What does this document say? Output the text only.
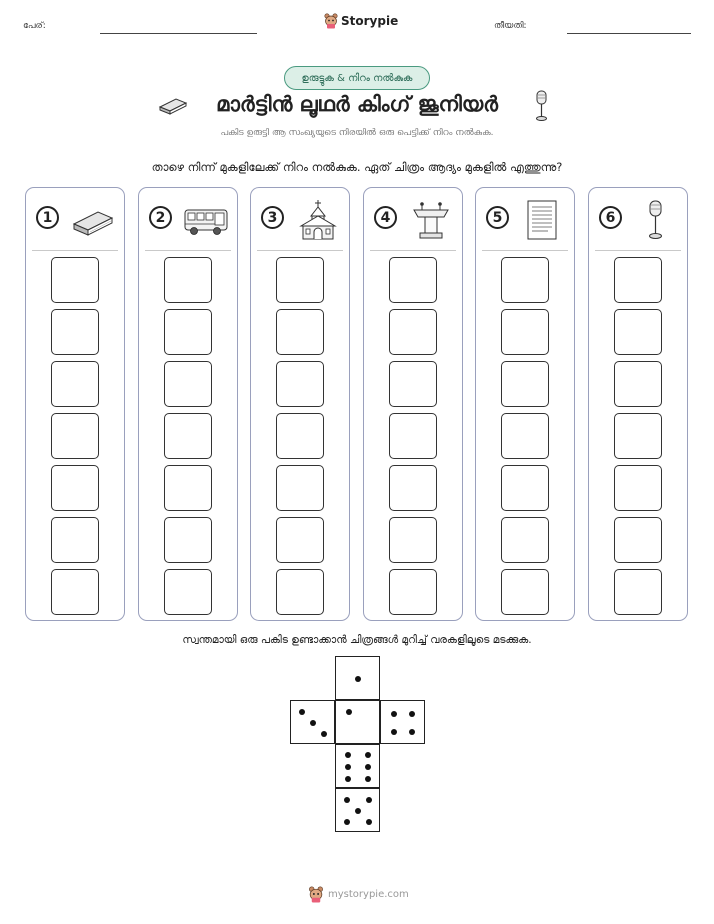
പേര്:	Storypie	തീയതി:
ഉരുട്ടുക & നിറം നൽകുക
മാർട്ടിൻ ലൂഥർ കിംഗ് ജൂനിയർ
പകിട ഉരുട്ടി ആ സംഖ്യയുടെ നിരയിൽ ഒരു പെട്ടിക്ക് നിറം നൽകുക.
താഴെ നിന്ന് മുകളിലേക്ക് നിറം നൽകുക. ഏത് ചിത്രം ആദ്യം മുകളിൽ എത്തുന്നു?
1	2	3	4	5	6
സ്വന്തമായി ഒരു പകിട ഉണ്ടാക്കാൻ ചിത്രങ്ങൾ മുറിച്ച് വരകളിലൂടെ മടക്കുക.
mystorypie.com
